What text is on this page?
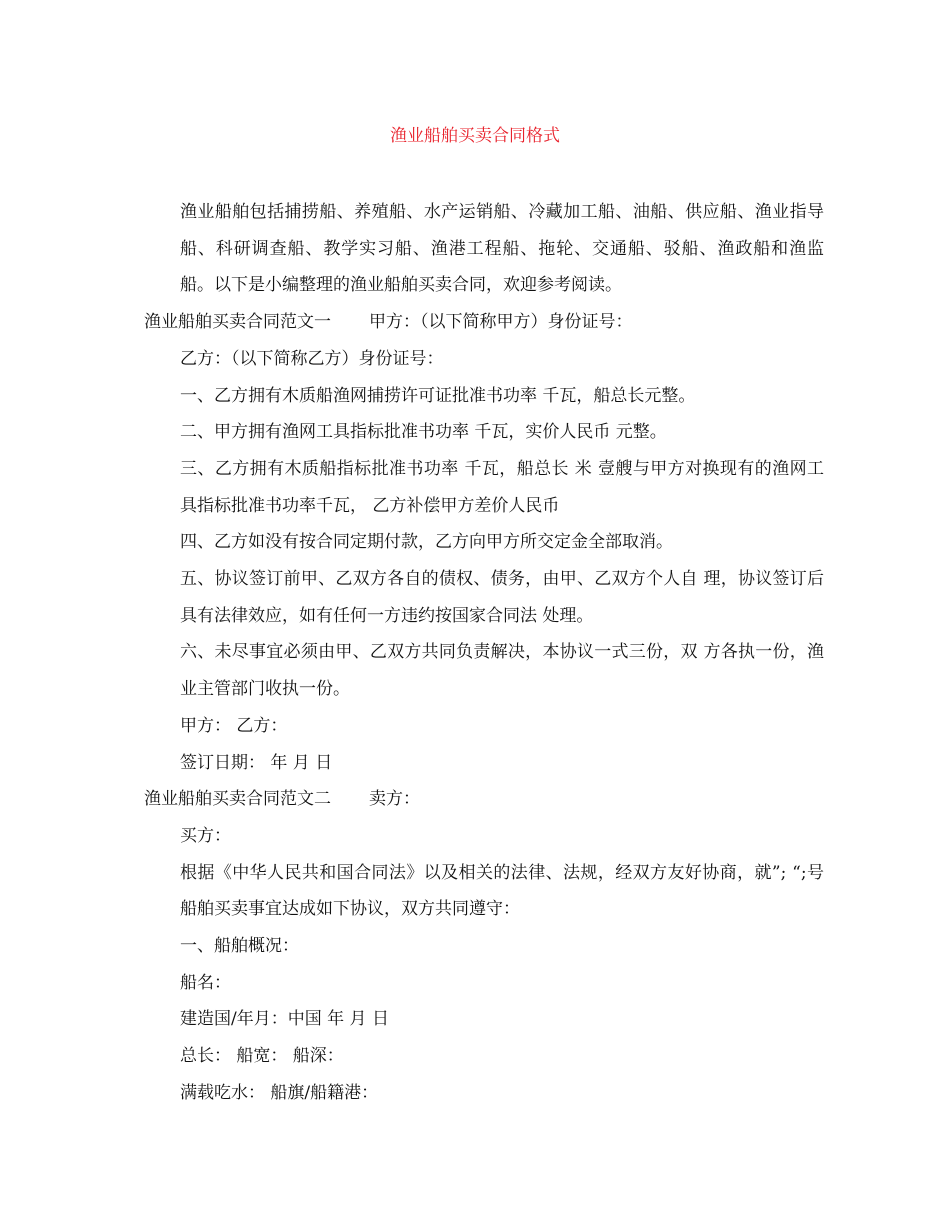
渔业船舶买卖合同格式

渔业船舶包括捕捞船、养殖船、水产运销船、冷藏加工船、油船、供应船、渔业指导船、科研调查船、教学实习船、渔港工程船、拖轮、交通船、驳船、渔政船和渔监船。以下是小编整理的渔业船舶买卖合同，欢迎参考阅读。

渔业船舶买卖合同范文一 甲方：（以下简称甲方）身份证号：

乙方：（以下简称乙方）身份证号：

一、乙方拥有木质船渔网捕捞许可证批准书功率 千瓦，船总长元整。

二、甲方拥有渔网工具指标批准书功率 千瓦，实价人民币 元整。

三、乙方拥有木质船指标批准书功率 千瓦，船总长 米 壹艘与甲方对换现有的渔网工具指标批准书功率千瓦， 乙方补偿甲方差价人民币

四、乙方如没有按合同定期付款，乙方向甲方所交定金全部取消。

五、协议签订前甲、乙双方各自的债权、债务，由甲、乙双方个人自 理，协议签订后具有法律效应，如有任何一方违约按国家合同法 处理。

六、未尽事宜必须由甲、乙双方共同负责解决，本协议一式三份，双 方各执一份，渔业主管部门收执一份。

甲方： 乙方：

签订日期： 年 月 日

渔业船舶买卖合同范文二 卖方：

买方：

根据《中华人民共和国合同法》以及相关的法律、法规，经双方友好协商，就”; “;号船舶买卖事宜达成如下协议，双方共同遵守：

一、船舶概况：

船名：

建造国/年月：中国 年 月 日

总长： 船宽： 船深：

满载吃水： 船旗/船籍港：
